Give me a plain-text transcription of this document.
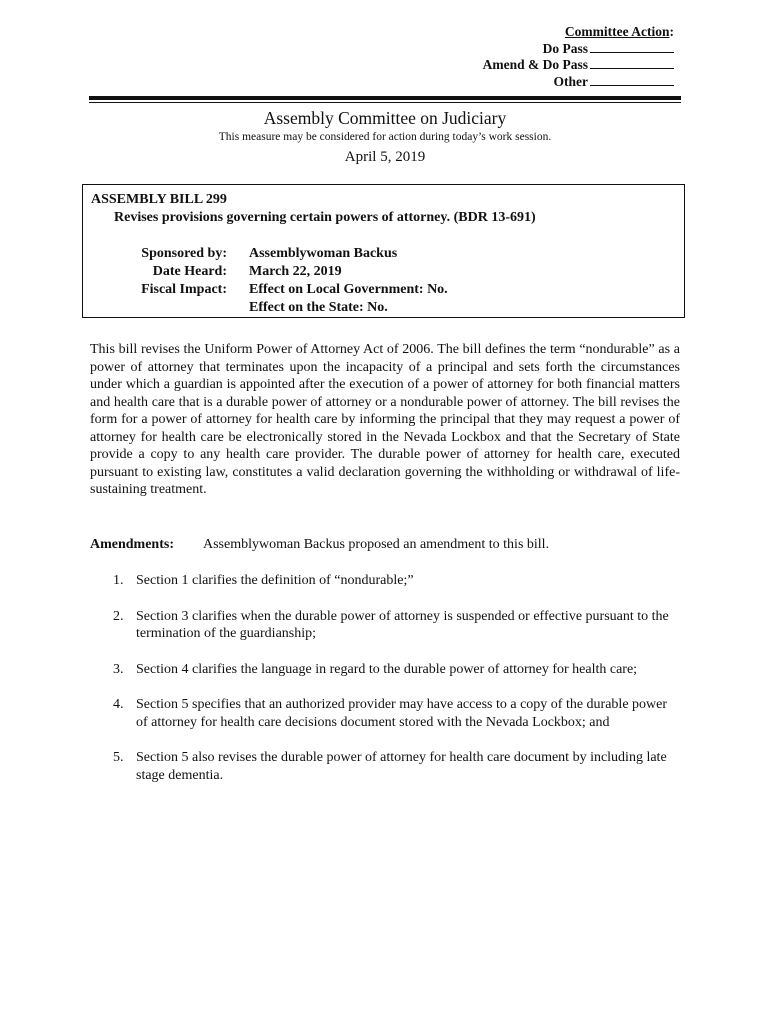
Committee Action:
Do Pass
Amend & Do Pass
Other
Assembly Committee on Judiciary
This measure may be considered for action during today’s work session.
April 5, 2019
ASSEMBLY BILL 299
Revises provisions governing certain powers of attorney. (BDR 13-691)
Sponsored by:
Date Heard:
Fiscal Impact:
Assemblywoman Backus
March 22, 2019
Effect on Local Government: No.
Effect on the State: No.

This bill revises the Uniform Power of Attorney Act of 2006. The bill defines the term “nondurable” as a power of attorney that terminates upon the incapacity of a principal and sets forth the circumstances under which a guardian is appointed after the execution of a power of attorney for both financial matters and health care that is a durable power of attorney or a nondurable power of attorney. The bill revises the form for a power of attorney for health care by informing the principal that they may request a power of attorney for health care be electronically stored in the Nevada Lockbox and that the Secretary of State provide a copy to any health care provider. The durable power of attorney for health care, executed pursuant to existing law, constitutes a valid declaration governing the withholding or withdrawal of life-sustaining treatment.

Amendments: Assemblywoman Backus proposed an amendment to this bill.
1. Section 1 clarifies the definition of “nondurable;”
2. Section 3 clarifies when the durable power of attorney is suspended or effective pursuant to the termination of the guardianship;
3. Section 4 clarifies the language in regard to the durable power of attorney for health care;
4. Section 5 specifies that an authorized provider may have access to a copy of the durable power of attorney for health care decisions document stored with the Nevada Lockbox; and
5. Section 5 also revises the durable power of attorney for health care document by including late stage dementia.
